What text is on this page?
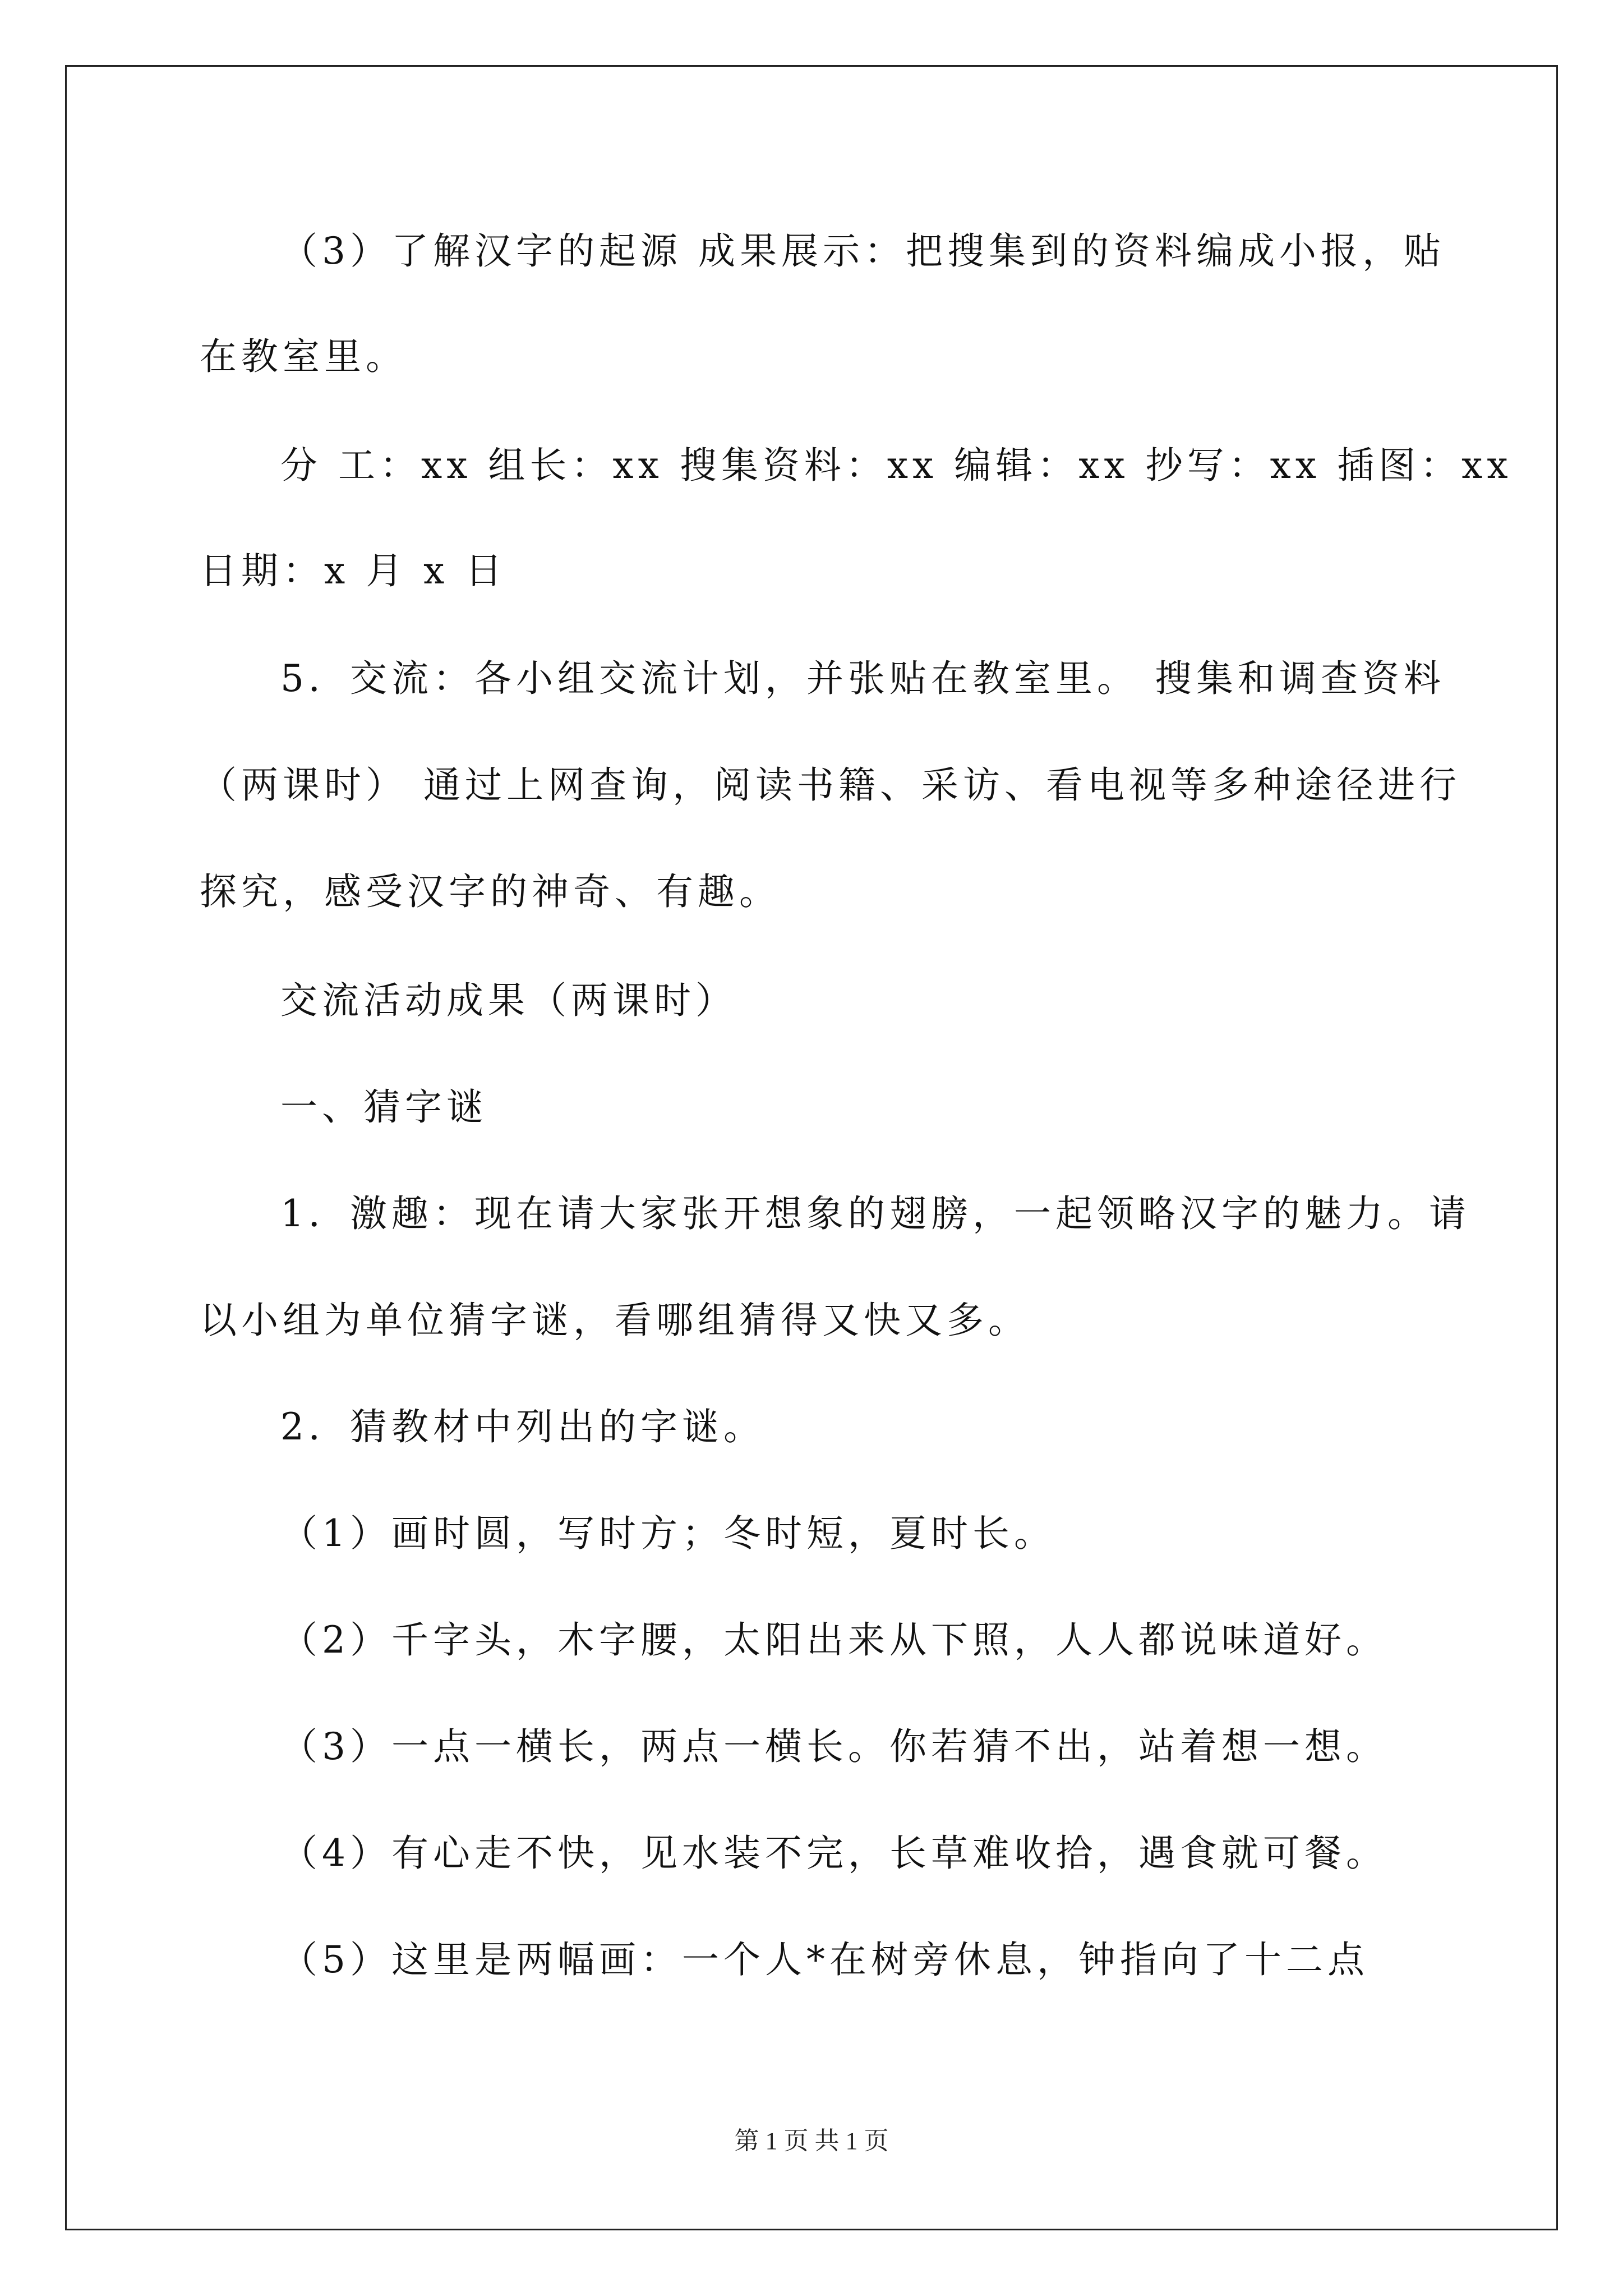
（3）了解汉字的起源 成果展示：把搜集到的资料编成小报，贴
在教室里。
分 工：xx 组长：xx 搜集资料：xx 编辑：xx 抄写：xx 插图：xx
日期：x 月 x 日
5．交流：各小组交流计划，并张贴在教室里。 搜集和调查资料
（两课时） 通过上网查询，阅读书籍、采访、看电视等多种途径进行
探究，感受汉字的神奇、有趣。
交流活动成果（两课时）
一、猜字谜
1．激趣：现在请大家张开想象的翅膀，一起领略汉字的魅力。请
以小组为单位猜字谜，看哪组猜得又快又多。
2．猜教材中列出的字谜。
（1）画时圆，写时方；冬时短，夏时长。
（2）千字头，木字腰，太阳出来从下照，人人都说味道好。
（3）一点一横长，两点一横长。你若猜不出，站着想一想。
（4）有心走不快，见水装不完，长草难收拾，遇食就可餐。
（5）这里是两幅画：一个人*在树旁休息，钟指向了十二点
第 1 页 共 1 页
